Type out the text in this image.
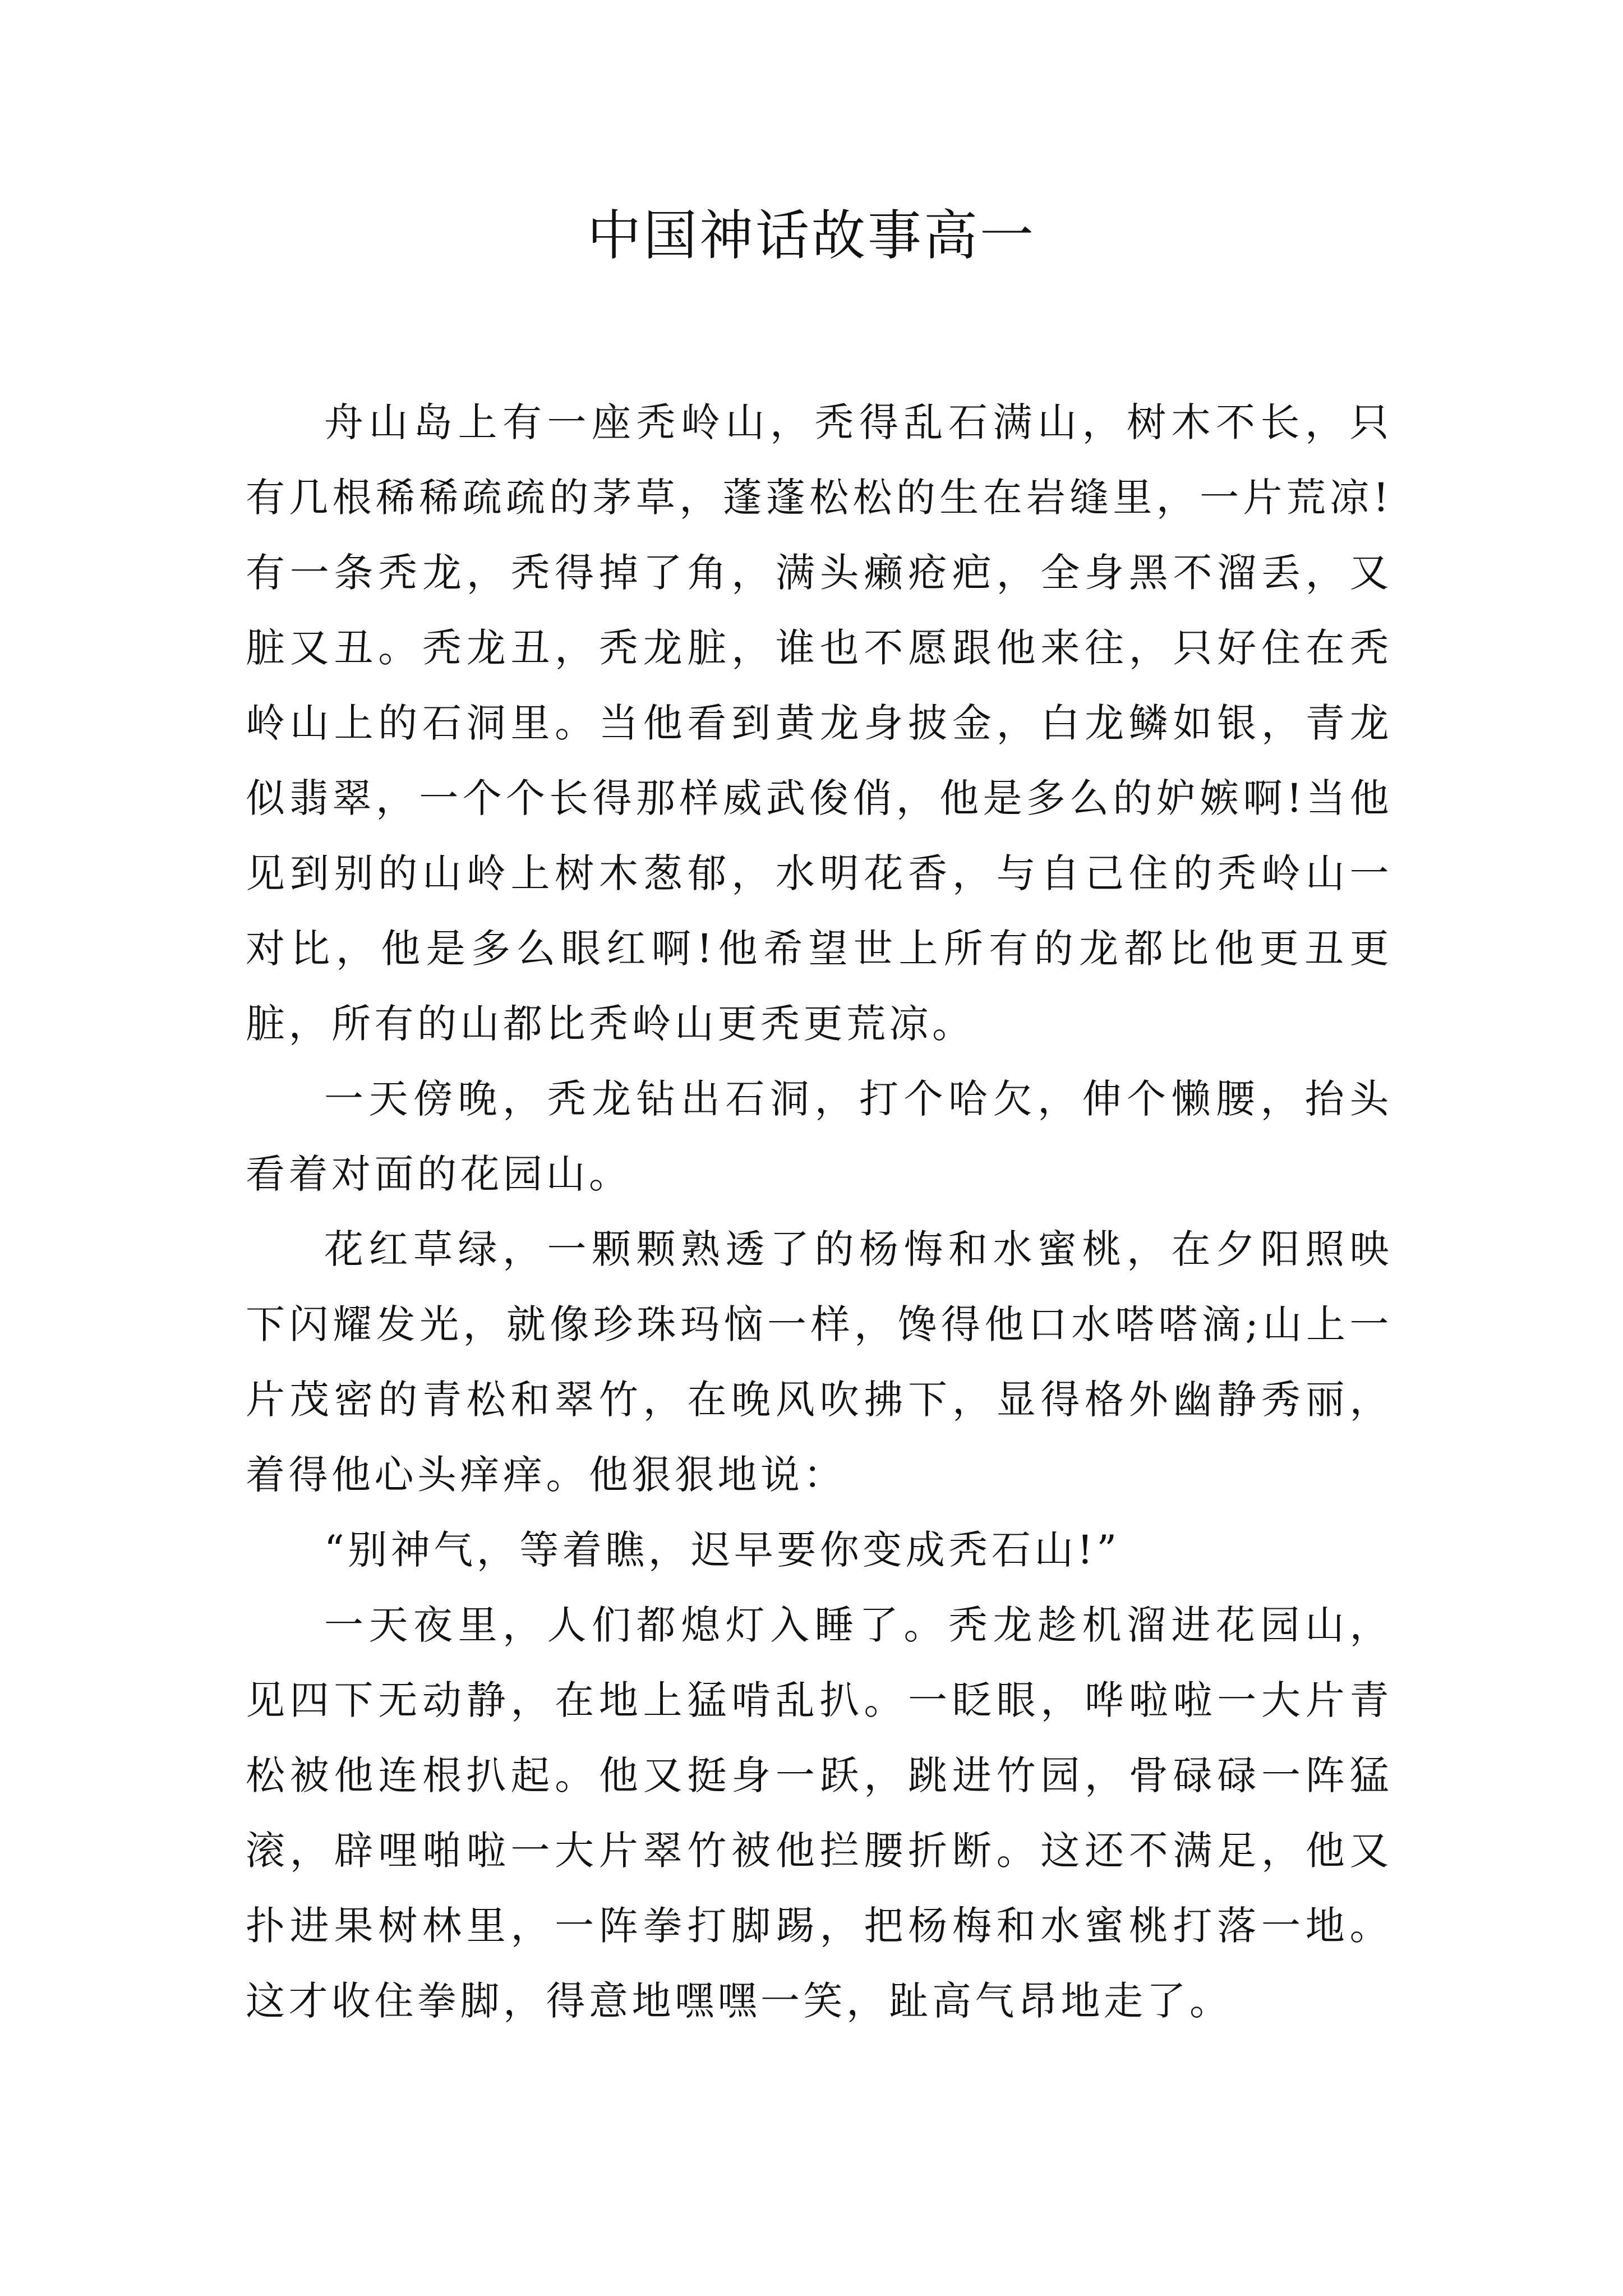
中国神话故事高一

舟山岛上有一座秃岭山，秃得乱石满山，树木不长，只有几根稀稀疏疏的茅草，蓬蓬松松的生在岩缝里，一片荒凉!有一条秃龙，秃得掉了角，满头癞疮疤，全身黑不溜丢，又脏又丑。秃龙丑，秃龙脏，谁也不愿跟他来往，只好住在秃岭山上的石洞里。当他看到黄龙身披金，白龙鳞如银，青龙似翡翠，一个个长得那样威武俊俏，他是多么的妒嫉啊!当他见到别的山岭上树木葱郁，水明花香，与自己住的秃岭山一对比，他是多么眼红啊!他希望世上所有的龙都比他更丑更脏，所有的山都比秃岭山更秃更荒凉。

一天傍晚，秃龙钻出石洞，打个哈欠，伸个懒腰，抬头看着对面的花园山。

花红草绿，一颗颗熟透了的杨悔和水蜜桃，在夕阳照映下闪耀发光，就像珍珠玛恼一样，馋得他口水嗒嗒滴;山上一片茂密的青松和翠竹，在晚风吹拂下，显得格外幽静秀丽，着得他心头痒痒。他狠狠地说：

“别神气，等着瞧，迟早要你变成秃石山!”

一天夜里，人们都熄灯入睡了。秃龙趁机溜进花园山，见四下无动静，在地上猛啃乱扒。一眨眼，哗啦啦一大片青松被他连根扒起。他又挺身一跃，跳进竹园，骨碌碌一阵猛滚，辟哩啪啦一大片翠竹被他拦腰折断。这还不满足，他又扑进果树林里，一阵拳打脚踢，把杨梅和水蜜桃打落一地。这才收住拳脚，得意地嘿嘿一笑，趾高气昂地走了。
